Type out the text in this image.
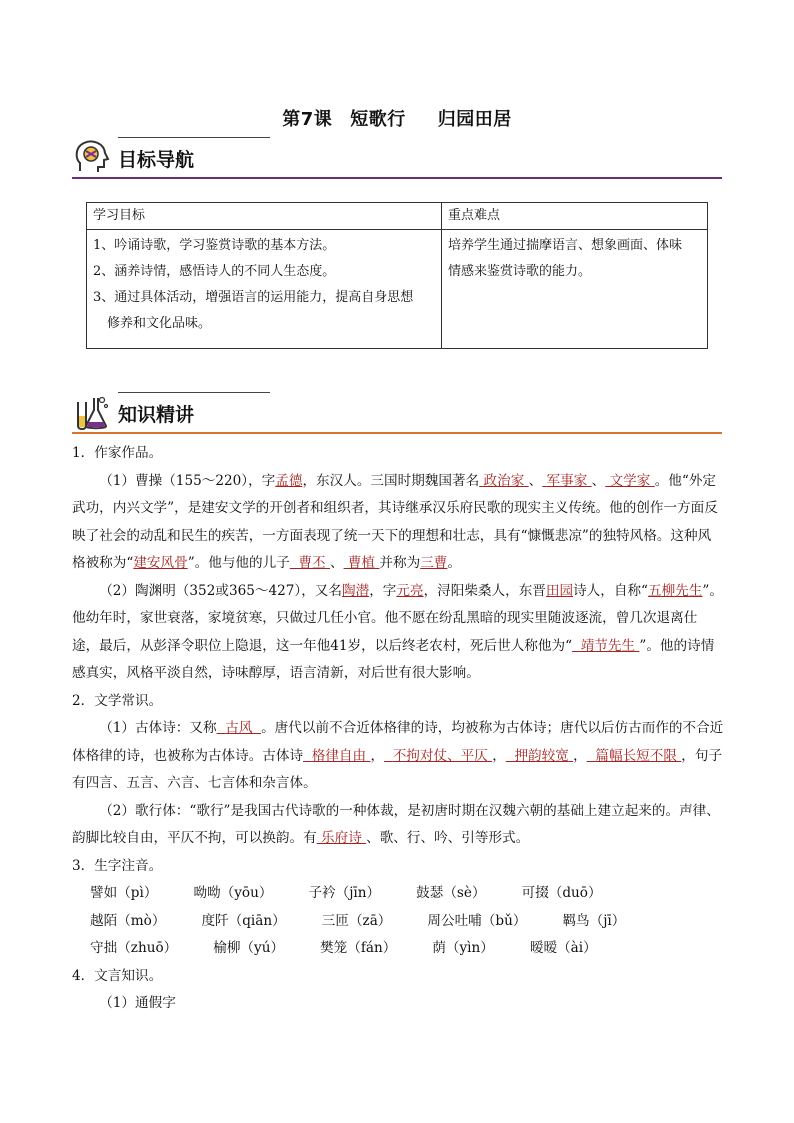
第7课 短歌行 归园田居
目标导航
学习目标	重点难点

1、吟诵诗歌，学习鉴赏诗歌的基本方法。
2、涵养诗情，感悟诗人的不同人生态度。
3、通过具体活动，增强语言的运用能力，提高自身思想
修养和文化品味。	培养学生通过揣摩语言、想象画面、体味
情感来鉴赏诗歌的能力。
知识精讲

1．作家作品。

（1）曹操（155～220），字孟德，东汉人。三国时期魏国著名 政治家 、 军事家 、 文学家 。他“外定武功，内兴文学”，是建安文学的开创者和组织者，其诗继承汉乐府民歌的现实主义传统。他的创作一方面反映了社会的动乱和民生的疾苦，一方面表现了统一天下的理想和壮志，具有“慷慨悲凉”的独特风格。这种风格被称为“建安风骨”。他与他的儿子 曹丕 、 曹植 并称为三曹。

（2）陶渊明（352或365～427），又名陶潜，字元亮，浔阳柴桑人，东晋田园诗人，自称“五柳先生”。他幼年时，家世衰落，家境贫寒，只做过几任小官。他不愿在纷乱黑暗的现实里随波逐流，曾几次退离仕途，最后，从彭泽令职位上隐退，这一年他41岁，以后终老农村，死后世人称他为“ 靖节先生 ”。他的诗情感真实，风格平淡自然，诗味醇厚，语言清新，对后世有很大影响。

2．文学常识。

（1）古体诗：又称 古风 。唐代以前不合近体格律的诗，均被称为古体诗；唐代以后仿古而作的不合近体格律的诗，也被称为古体诗。古体诗 格律自由 ， 不拘对仗、平仄 ， 押韵较宽 ， 篇幅长短不限 ，句子有四言、五言、六言、七言体和杂言体。

（2）歌行体：“歌行”是我国古代诗歌的一种体裁，是初唐时期在汉魏六朝的基础上建立起来的。声律、韵脚比较自由，平仄不拘，可以换韵。有 乐府诗 、歌、行、吟、引等形式。

3．生字注音。

譬如（pì）	呦呦（yōu）	子衿（jīn）	鼓瑟（sè）	可掇（duō）
越陌（mò）	度阡（qiān）	三匝（zā）	周公吐哺（bǔ）	羁鸟（jī）
守拙（zhuō）	榆柳（yú）	樊笼（fán）	荫（yìn）	暧暧（ài）

4．文言知识。

（1）通假字
